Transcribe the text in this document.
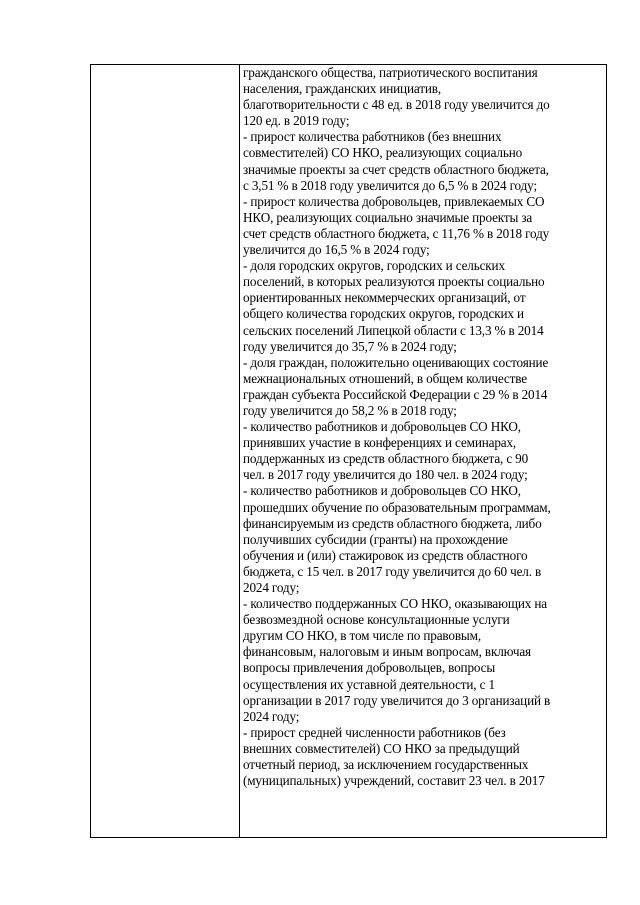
гражданского общества, патриотического воспитания
населения, гражданских инициатив,
благотворительности с 48 ед. в 2018 году увеличится до
120 ед. в 2019 году;
- прирост количества работников (без внешних
совместителей) СО НКО, реализующих социально
значимые проекты за счет средств областного бюджета,
с 3,51 % в 2018 году увеличится до 6,5 % в 2024 году;
- прирост количества добровольцев, привлекаемых СО
НКО, реализующих социально значимые проекты за
счет средств областного бюджета, с 11,76 % в 2018 году
увеличится до 16,5 % в 2024 году;
- доля городских округов, городских и сельских
поселений, в которых реализуются проекты социально
ориентированных некоммерческих организаций, от
общего количества городских округов, городских и
сельских поселений Липецкой области с 13,3 % в 2014
году увеличится до 35,7 % в 2024 году;
- доля граждан, положительно оценивающих состояние
межнациональных отношений, в общем количестве
граждан субъекта Российской Федерации с 29 % в 2014
году увеличится до 58,2 % в 2018 году;
- количество работников и добровольцев СО НКО,
принявших участие в конференциях и семинарах,
поддержанных из средств областного бюджета, с 90
чел. в 2017 году увеличится до 180 чел. в 2024 году;
- количество работников и добровольцев СО НКО,
прошедших обучение по образовательным программам,
финансируемым из средств областного бюджета, либо
получивших субсидии (гранты) на прохождение
обучения и (или) стажировок из средств областного
бюджета, с 15 чел. в 2017 году увеличится до 60 чел. в
2024 году;
- количество поддержанных СО НКО, оказывающих на
безвозмездной основе консультационные услуги
другим СО НКО, в том числе по правовым,
финансовым, налоговым и иным вопросам, включая
вопросы привлечения добровольцев, вопросы
осуществления их уставной деятельности, с 1
организации в 2017 году увеличится до 3 организаций в
2024 году;
- прирост средней численности работников (без
внешних совместителей) СО НКО за предыдущий
отчетный период, за исключением государственных
(муниципальных) учреждений, составит 23 чел. в 2017
